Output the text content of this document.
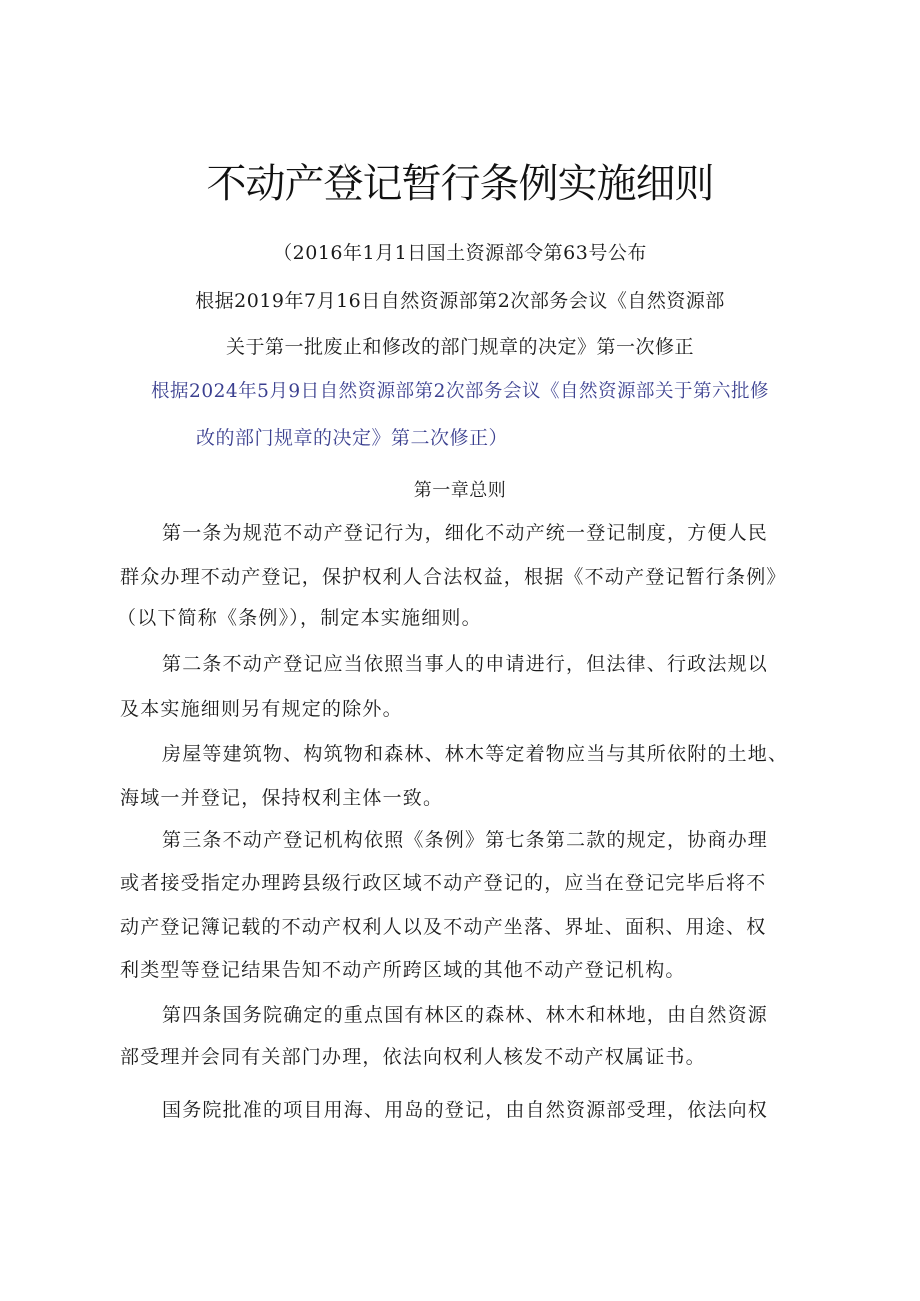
不动产登记暂行条例实施细则
（2016年1月1日国土资源部令第63号公布
根据2019年7月16日自然资源部第2次部务会议《自然资源部
关于第一批废止和修改的部门规章的决定》第一次修正
根据2024年5月9日自然资源部第2次部务会议《自然资源部关于第六批修
改的部门规章的决定》第二次修正）
第一章总则
第一条为规范不动产登记行为，细化不动产统一登记制度，方便人民
群众办理不动产登记，保护权利人合法权益，根据《不动产登记暂行条例》
（以下简称《条例》），制定本实施细则。
第二条不动产登记应当依照当事人的申请进行，但法律、行政法规以
及本实施细则另有规定的除外。
房屋等建筑物、构筑物和森林、林木等定着物应当与其所依附的土地、
海域一并登记，保持权利主体一致。
第三条不动产登记机构依照《条例》第七条第二款的规定，协商办理
或者接受指定办理跨县级行政区域不动产登记的，应当在登记完毕后将不
动产登记簿记载的不动产权利人以及不动产坐落、界址、面积、用途、权
利类型等登记结果告知不动产所跨区域的其他不动产登记机构。
第四条国务院确定的重点国有林区的森林、林木和林地，由自然资源
部受理并会同有关部门办理，依法向权利人核发不动产权属证书。
国务院批准的项目用海、用岛的登记，由自然资源部受理，依法向权
